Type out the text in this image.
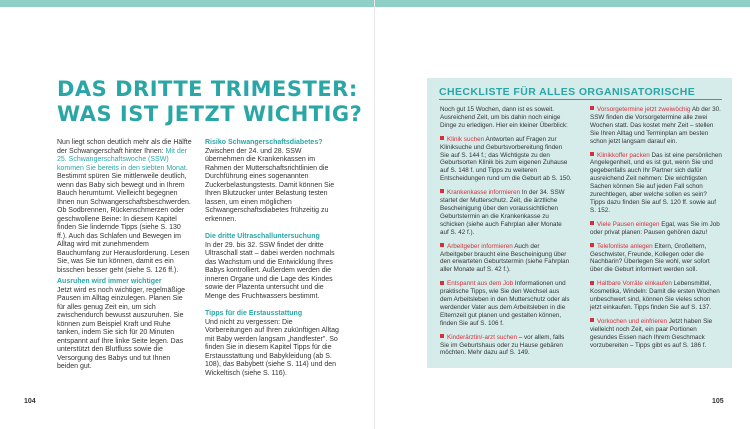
DAS DRITTE TRIMESTER:
WAS IST JETZT WICHTIG?

Nun liegt schon deutlich mehr als die Hälfte der Schwangerschaft hinter Ihnen: Mit der 25. Schwangerschaftswoche (SSW) kommen Sie bereits in den siebten Monat. Bestimmt spüren Sie mittlerweile deutlich, wenn das Baby sich bewegt und in Ihrem Bauch herumturnt. Vielleicht begegnen Ihnen nun Schwangerschaftsbeschwerden. Ob Sodbrennen, Rückenschmerzen oder geschwollene Beine: In diesem Kapitel finden Sie lindernde Tipps (siehe S. 130 ff.). Auch das Schlafen und Bewegen im Alltag wird mit zunehmendem Bauchumfang zur Herausforderung. Lesen Sie, was Sie tun können, damit es ein bisschen besser geht (siehe S. 126 ff.).

Ausruhen wird immer wichtiger

Jetzt wird es noch wichtiger, regelmäßige Pausen im Alltag einzulegen. Planen Sie für alles genug Zeit ein, um sich zwischendurch bewusst auszuruhen. Sie können zum Beispiel Kraft und Ruhe tanken, indem Sie sich für 20 Minuten entspannt auf Ihre linke Seite legen. Das unterstützt den Blutfluss sowie die Versorgung des Babys und tut Ihnen beiden gut.

Risiko Schwangerschaftsdiabetes?

Zwischen der 24. und 28. SSW übernehmen die Krankenkassen im Rahmen der Mutterschaftsrichtlinien die Durchführung eines sogenannten Zuckerbelastungstests. Damit können Sie Ihren Blutzucker unter Belastung testen lassen, um einen möglichen Schwangerschaftsdiabetes frühzeitig zu erkennen.

Die dritte Ultraschalluntersuchung

In der 29. bis 32. SSW findet der dritte Ultraschall statt – dabei werden nochmals das Wachstum und die Entwicklung Ihres Babys kontrolliert. Außerdem werden die inneren Organe und die Lage des Kindes sowie der Plazenta untersucht und die Menge des Fruchtwassers bestimmt.

Tipps für die Erstausstattung

Und nicht zu vergessen: Die Vorbereitungen auf Ihren zukünftigen Alltag mit Baby werden langsam „handfester". So finden Sie in diesem Kapitel Tipps für die Erstausstattung und Babykleidung (ab S. 108), das Babybett (siehe S. 114) und den Wickeltisch (siehe S. 116).

CHECKLISTE FÜR ALLES ORGANISATORISCHE

Noch gut 15 Wochen, dann ist es soweit. Ausreichend Zeit, um bis dahin noch einige Dinge zu erledigen. Hier ein kleiner Überblick:

Klinik suchen Antworten auf Fragen zur Kliniksuche und Geburtsvorbereitung finden Sie auf S. 144 f.; das Wichtigste zu den Geburtsorten Klinik bis zum eigenen Zuhause auf S. 148 f. und Tipps zu weiteren Entscheidungen rund um die Geburt ab S. 150.

Krankenkasse informieren In der 34. SSW startet der Mutterschutz. Zeit, die ärztliche Bescheinigung über den voraussichtlichen Geburtstermin an die Krankenkasse zu schicken (siehe auch Fahrplan aller Monate auf S. 42 f.).

Arbeitgeber informieren Auch der Arbeitgeber braucht eine Bescheinigung über den erwarteten Geburtstermin (siehe Fahrplan aller Monate auf S. 42 f.).

Entspannt aus dem Job Informationen und praktische Tipps, wie Sie den Wechsel aus dem Arbeitsleben in den Mutterschutz oder als werdender Vater aus dem Arbeitsleben in die Elternzeit gut planen und gestalten können, finden Sie auf S. 106 f.

Kinderärztin/-arzt suchen – vor allem, falls Sie im Geburtshaus oder zu Hause gebären möchten. Mehr dazu auf S. 149.

Vorsorgetermine jetzt zweiwöchig Ab der 30. SSW finden die Vorsorgetermine alle zwei Wochen statt. Das kostet mehr Zeit – stellen Sie Ihren Alltag und Terminplan am besten schon jetzt langsam darauf ein.

Klinikkoffer packen Das ist eine persönlichen Angelegenheit, und es ist gut, wenn Sie und gegebenfalls auch Ihr Partner sich dafür ausreichend Zeit nehmen: Die wichtigsten Sachen können Sie auf jeden Fall schon zurechtlegen, aber welche sollen es sein? Tipps dazu finden Sie auf S. 120 ff. sowie auf S. 152.

Viele Pausen einlegen Egal, was Sie im Job oder privat planen: Pausen gehören dazu!

Telefonliste anlegen Eltern, Großeltern, Geschwister, Freunde, Kollegen oder die Nachbarin? Überlegen Sie wohl, wer sofort über die Geburt informiert werden soll.

Haltbare Vorräte einkaufen Lebensmittel, Kosmetika, Windeln: Damit die ersten Wochen unbeschwert sind, können Sie vieles schon jetzt einkaufen. Tipps finden Sie auf S. 137.

Vorkochen und einfrieren Jetzt haben Sie vielleicht noch Zeit, ein paar Portionen gesundes Essen nach Ihrem Geschmack vorzubereiten – Tipps gibt es auf S. 186 f.

104	105
